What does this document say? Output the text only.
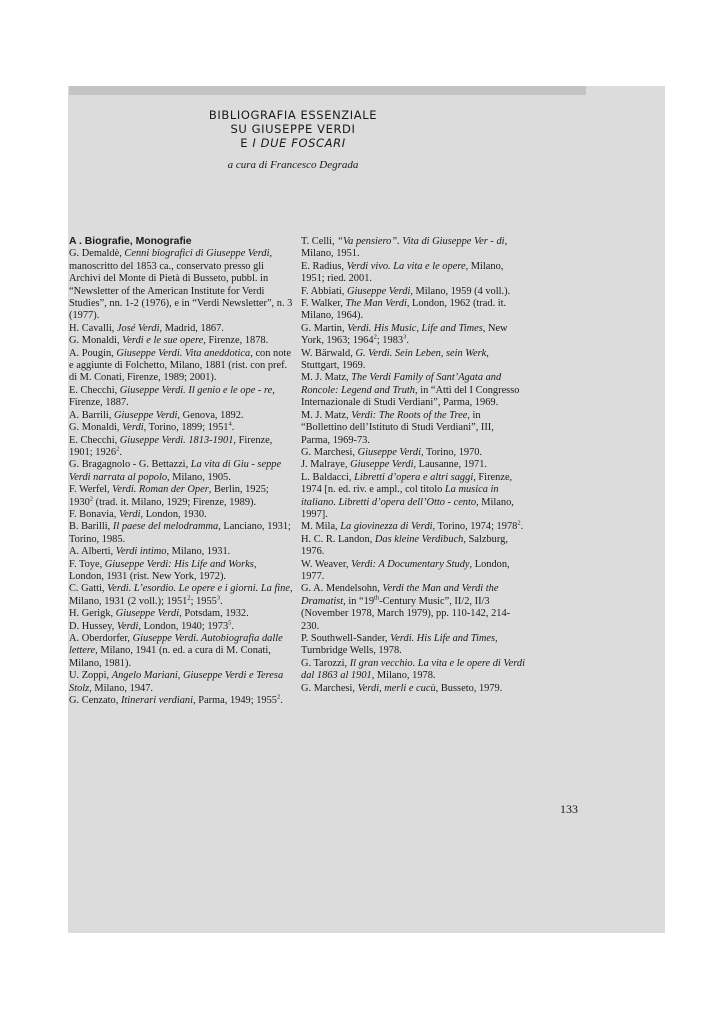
BIBLIOGRAFIA ESSENZIALE
SU GIUSEPPE VERDI
E I DUE FOSCARI
a cura di Francesco Degrada
A . Biografie, Monografie

G. Demaldè, Cenni biografici di Giuseppe Verdi, manoscritto del 1853 ca., conservato presso gli Archivi del Monte di Pietà di Busseto, pubbl. in “Newsletter of the American Institute for Verdi Studies”, nn. 1-2 (1976), e in “Verdi Newsletter”, n. 3 (1977).

H. Cavalli, José Verdi, Madrid, 1867.

G. Monaldi, Verdi e le sue opere, Firenze, 1878.

A. Pougin, Giuseppe Verdi. Vita aneddotica, con note e aggiunte di Folchetto, Milano, 1881 (rist. con pref. di M. Conati, Firenze, 1989; 2001).

E. Checchi, Giuseppe Verdi. Il genio e le ope - re, Firenze, 1887.

A. Barrili, Giuseppe Verdi, Genova, 1892.

G. Monaldi, Verdi, Torino, 1899; 1951$^4$.

E. Checchi, Giuseppe Verdi. 1813-1901, Firenze, 1901; 1926$^2$.

G. Bragagnolo - G. Bettazzi, La vita di Giu - seppe Verdi narrata al popolo, Milano, 1905.

F. Werfel, Verdi. Roman der Oper, Berlin, 1925; 1930$^2$ (trad. it. Milano, 1929; Firenze, 1989).

F. Bonavia, Verdi, London, 1930.

B. Barilli, Il paese del melodramma, Lanciano, 1931; Torino, 1985.

A. Alberti, Verdi intimo, Milano, 1931.

F. Toye, Giuseppe Verdi: His Life and Works, London, 1931 (rist. New York, 1972).

C. Gatti, Verdi. L’esordio. Le opere e i giorni. La fine, Milano, 1931 (2 voll.); 1951$^2$; 1955$^3$.

H. Gerigk, Giuseppe Verdi, Potsdam, 1932.

D. Hussey, Verdi, London, 1940; 1973$^5$.

A. Oberdorfer, Giuseppe Verdi. Autobiografia dalle lettere, Milano, 1941 (n. ed. a cura di M. Conati, Milano, 1981).

U. Zoppi, Angelo Mariani, Giuseppe Verdi e Teresa Stolz, Milano, 1947.

G. Cenzato, Itinerari verdiani, Parma, 1949; 1955$^2$.

T. Celli, “Va pensiero”. Vita di Giuseppe Ver - di, Milano, 1951.

E. Radius, Verdi vivo. La vita e le opere, Milano, 1951; ried. 2001.

F. Abbiati, Giuseppe Verdi, Milano, 1959 (4 voll.).

F. Walker, The Man Verdi, London, 1962 (trad. it. Milano, 1964).

G. Martin, Verdi. His Music, Life and Times, New York, 1963; 1964$^2$; 1983$^3$.

W. Bärwald, G. Verdi. Sein Leben, sein Werk, Stuttgart, 1969.

M. J. Matz, The Verdi Family of Sant’Agata and Roncole: Legend and Truth, in “Atti del I Congresso Internazionale di Studi Verdiani”, Parma, 1969.

M. J. Matz, Verdi: The Roots of the Tree, in “Bollettino dell’Istituto di Studi Verdiani”, III, Parma, 1969-73.

G. Marchesi, Giuseppe Verdi, Torino, 1970.

J. Malraye, Giuseppe Verdi, Lausanne, 1971.

L. Baldacci, Libretti d’opera e altri saggi, Firenze, 1974 [n. ed. riv. e ampl., col titolo La musica in italiano. Libretti d’opera dell’Otto - cento, Milano, 1997].

M. Mila, La giovinezza di Verdi, Torino, 1974; 1978$^2$.

H. C. R. Landon, Das kleine Verdibuch, Salzburg, 1976.

W. Weaver, Verdi: A Documentary Study, London, 1977.

G. A. Mendelsohn, Verdi the Man and Verdi the Dramatist, in “19th-Century Music”, II/2, II/3 (November 1978, March 1979), pp. 110-142, 214-230.

P. Southwell-Sander, Verdi. His Life and Times, Turnbridge Wells, 1978.

G. Tarozzi, Il gran vecchio. La vita e le opere di Verdi dal 1863 al 1901, Milano, 1978.

G. Marchesi, Verdi, merli e cucù, Busseto, 1979.

133
